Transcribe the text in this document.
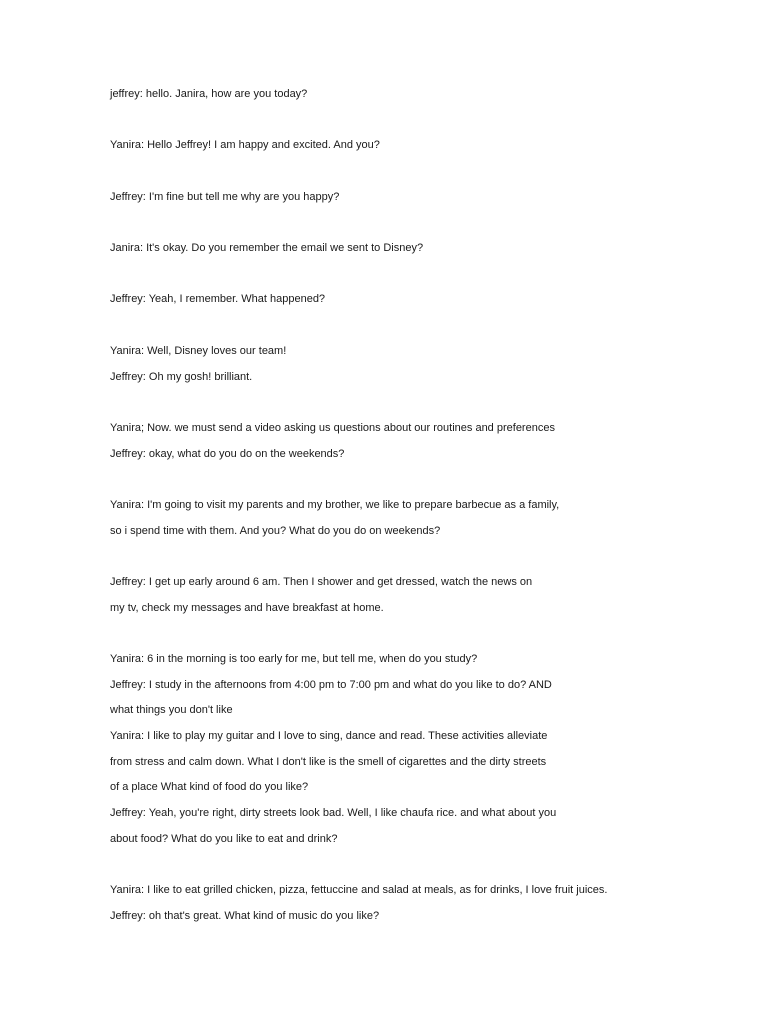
jeffrey: hello. Janira, how are you today?

Yanira: Hello Jeffrey! I am happy and excited. And you?

Jeffrey: I'm fine but tell me why are you happy?

Janira: It's okay. Do you remember the email we sent to Disney?

Jeffrey: Yeah, I remember. What happened?

Yanira: Well, Disney loves our team!

Jeffrey: Oh my gosh! brilliant.

Yanira; Now. we must send a video asking us questions about our routines and preferences

Jeffrey: okay, what do you do on the weekends?

Yanira: I'm going to visit my parents and my brother, we like to prepare barbecue as a family,

so i spend time with them. And you? What do you do on weekends?

Jeffrey: I get up early around 6 am. Then I shower and get dressed, watch the news on

my tv, check my messages and have breakfast at home.

Yanira: 6 in the morning is too early for me, but tell me, when do you study?

Jeffrey: I study in the afternoons from 4:00 pm to 7:00 pm and what do you like to do? AND

what things you don't like

Yanira: I like to play my guitar and I love to sing, dance and read. These activities alleviate

from stress and calm down. What I don't like is the smell of cigarettes and the dirty streets

of a place What kind of food do you like?

Jeffrey: Yeah, you're right, dirty streets look bad. Well, I like chaufa rice. and what about you

about food? What do you like to eat and drink?

Yanira: I like to eat grilled chicken, pizza, fettuccine and salad at meals, as for drinks, I love fruit juices.

Jeffrey: oh that's great. What kind of music do you like?
